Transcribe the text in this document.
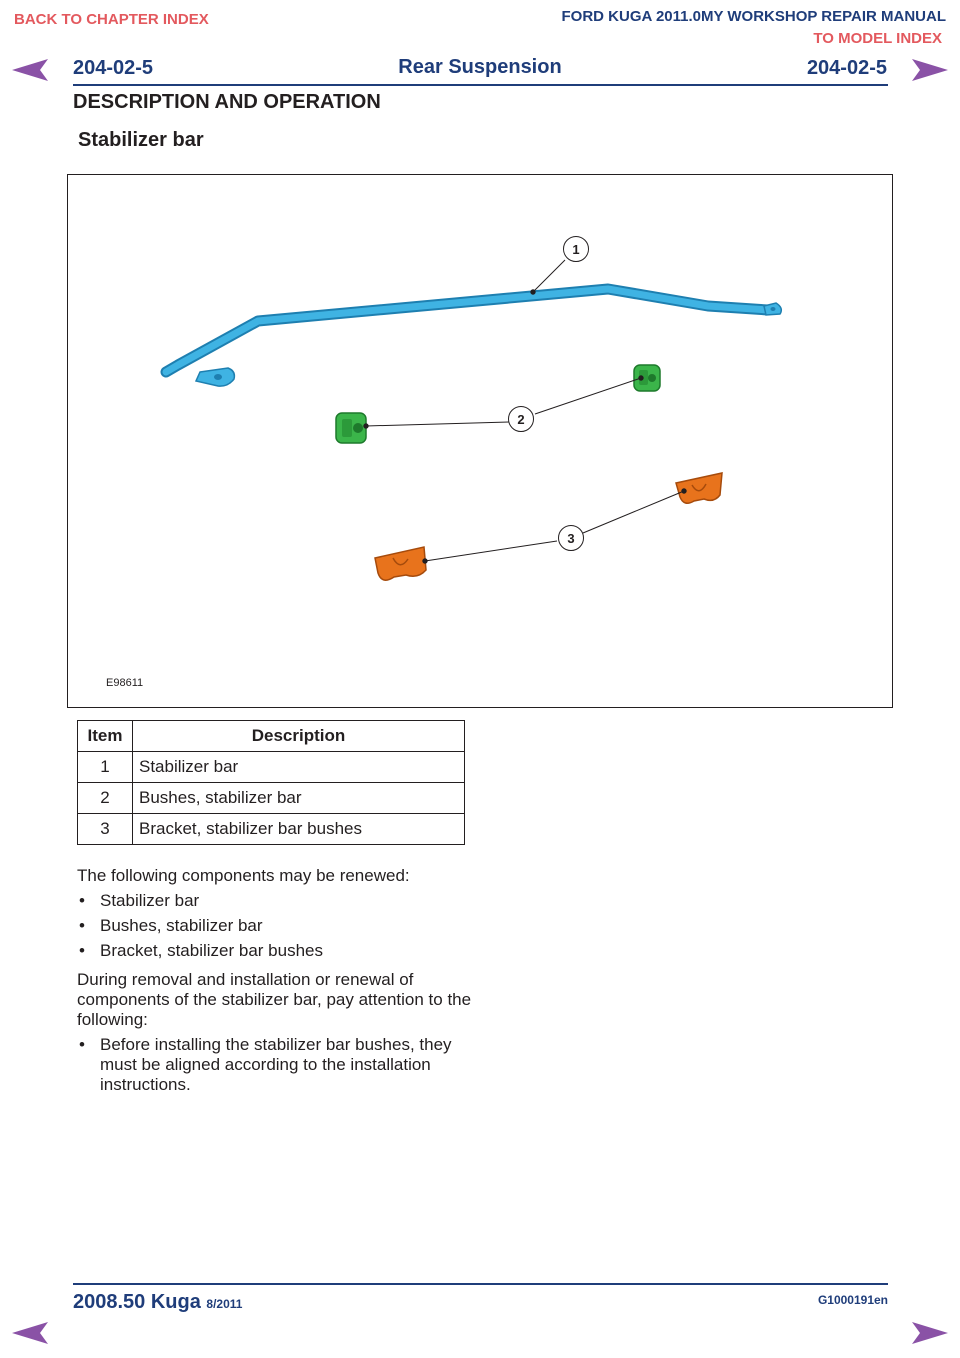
BACK TO CHAPTER INDEX	FORD KUGA 2011.0MY WORKSHOP REPAIR MANUAL
TO MODEL INDEX
204-02-5	Rear Suspension	204-02-5
DESCRIPTION AND OPERATION
Stabilizer bar
1
2
3
E98611
Item	Description
1	Stabilizer bar
2	Bushes, stabilizer bar
3	Bracket, stabilizer bar bushes
The following components may be renewed:
• Stabilizer bar
• Bushes, stabilizer bar
• Bracket, stabilizer bar bushes
During removal and installation or renewal of components of the stabilizer bar, pay attention to the following:
• Before installing the stabilizer bar bushes, they must be aligned according to the installation instructions.
2008.50 Kuga 8/2011	G1000191en
